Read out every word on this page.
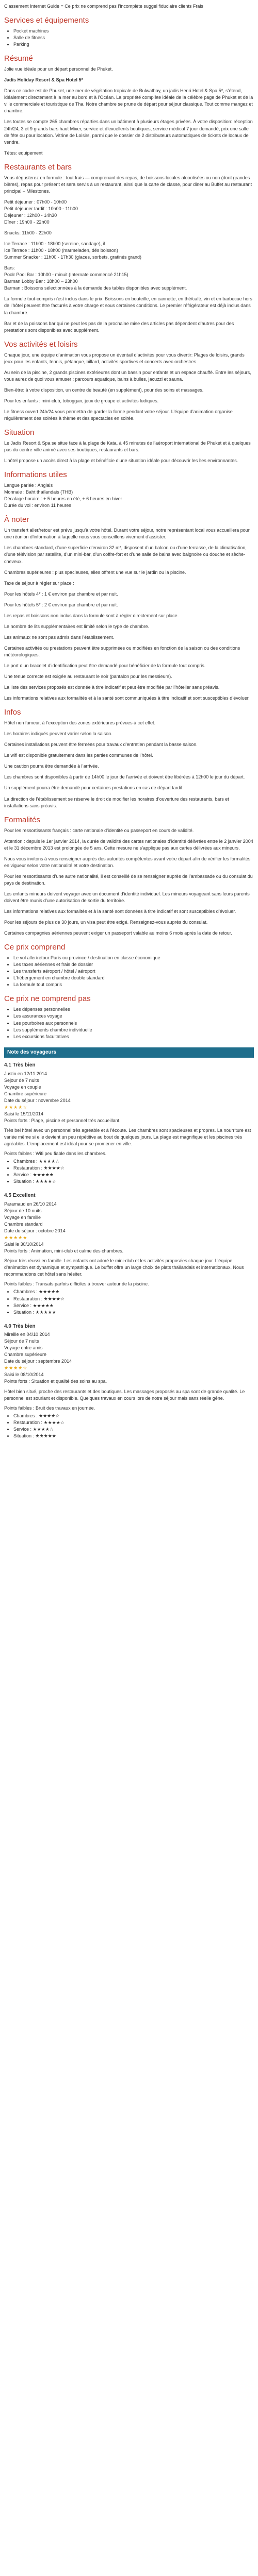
Classement Internet Guide = Ce prix ne comprend pas l’incomplète suggel fiduciaire clients Frais

Services et équipements
• Pocket machines
• Salle de fitness
• Parking
Résumé

Jolie vue idéale pour un départ personnel de Phuket.

Jadis Holiday Resort & Spa Hotel 5*

Dans ce cadre est de Phuket, une mer de végétation tropicale de Bulwathay, un jadis Henri Hotel & Spa 5*, s’étend, idéalement directement à la mer au bord et à l’Océan. La propriété complète idéale de la célèbre page de Phuket et de la ville commerciale et touristique de Tha. Notre chambre se prune de départ pour séjour classique. Tout comme mangez et chambre.

Les toutes se compte 265 chambres réparties dans un bâtiment à plusieurs étages privées. À votre disposition: réception 24h/24, 3 et 9 grands bars haut Mixer, service et d’excellents boutiques, service médical 7 jour demandé, prix une salle de fête ou pour location. Vitrine de Loisirs, parmi que le dossier de 2 distributeurs automatiques de tickets de locaux de vendre.

Tétes: equipement

Restaurants et bars

Vous dégusterez en formule : tout frais — comprenant des repas, de boissons locales alcoolisées ou non (dont grandes bières), repas pour présent et sera servis à un restaurant, ainsi que la carte de classe, pour diner au Buffet au restaurant principal – Milestones.

Petit déjeuner : 07h00 - 10h00
Petit déjeuner tardif : 10h00 - 11h00
Déjeuner : 12h00 - 14h30
Dîner : 19h00 - 22h00

Snacks: 11h00 - 22h00

Ice Terrace : 11h00 - 18h00 (sereine, sandage), il
Ice Terrace : 11h00 - 18h00 (marmeladen, dés boisson)
Summer Snacker : 11h00 - 17h30 (glaces, sorbets, gratinés grand)

Bars:
Poolr Pool Bar : 10h00 - minuit (Internate commencé 21h15)
Barman Lobby Bar : 18h00 – 23h00
Barman : Boissons sélectionnées à la demande des tables disponibles avec supplément.

La formule tout-compris n’est inclus dans le prix. Boissons en bouteille, en cannette, en thé/café, vin et en barbecue hors de l’hôtel peuvent être facturés à votre charge et sous certaines conditions. Le premier réfrigérateur est déjà inclus dans la chambre.

Bar et de la poissons bar qui ne peut les pas de la prochaine mise des articles pas dépendent d’autres pour des prestations sont disponibles avec supplément.

Vos activités et loisirs

Chaque jour, une équipe d’animation vous propose un éventail d’activités pour vous divertir: Plages de loisirs, grands jeux pour les enfants, tennis, pétanque, billard, activités sportives et concerts avec orchestres.

Au sein de la piscine, 2 grands piscines extérieures dont un bassin pour enfants et un espace chauffé. Entre les séjours, vous aurez de quoi vous amuser : parcours aquatique, bains à bulles, jacuzzi et sauna.

Bien-être: à votre disposition, un centre de beauté (en supplément), pour des soins et massages.

Pour les enfants : mini-club, toboggan, jeux de groupe et activités ludiques.

Le fitness ouvert 24h/24 vous permettra de garder la forme pendant votre séjour. L’équipe d’animation organise régulièrement des soirées à thème et des spectacles en soirée.

Situation

Le Jadis Resort & Spa se situe face à la plage de Kata, à 45 minutes de l’aéroport international de Phuket et à quelques pas du centre-ville animé avec ses boutiques, restaurants et bars.

L’hôtel propose un accès direct à la plage et bénéficie d’une situation idéale pour découvrir les îles environnantes.

Informations utiles

Langue parlée : Anglais
Monnaie : Baht thaïlandais (THB)
Décalage horaire : + 5 heures en été, + 6 heures en hiver
Durée du vol : environ 11 heures

À noter

Un transfert aller/retour est prévu jusqu’à votre hôtel. Durant votre séjour, notre représentant local vous accueillera pour une réunion d’information à laquelle nous vous conseillons vivement d’assister.

Les chambres standard, d’une superficie d’environ 32 m², disposent d’un balcon ou d’une terrasse, de la climatisation, d’une télévision par satellite, d’un mini-bar, d’un coffre-fort et d’une salle de bains avec baignoire ou douche et sèche-cheveux.

Chambres supérieures : plus spacieuses, elles offrent une vue sur le jardin ou la piscine.

Taxe de séjour à régler sur place :

Pour les hôtels 4* : 1 € environ par chambre et par nuit.

Pour les hôtels 5* : 2 € environ par chambre et par nuit.

Les repas et boissons non inclus dans la formule sont à régler directement sur place.

Le nombre de lits supplémentaires est limité selon le type de chambre.

Les animaux ne sont pas admis dans l’établissement.

Certaines activités ou prestations peuvent être supprimées ou modifiées en fonction de la saison ou des conditions météorologiques.

Le port d’un bracelet d’identification peut être demandé pour bénéficier de la formule tout compris.

Une tenue correcte est exigée au restaurant le soir (pantalon pour les messieurs).

La liste des services proposés est donnée à titre indicatif et peut être modifiée par l’hôtelier sans préavis.

Les informations relatives aux formalités et à la santé sont communiquées à titre indicatif et sont susceptibles d’évoluer.

Infos

Hôtel non fumeur, à l’exception des zones extérieures prévues à cet effet.

Les horaires indiqués peuvent varier selon la saison.

Certaines installations peuvent être fermées pour travaux d’entretien pendant la basse saison.

Le wifi est disponible gratuitement dans les parties communes de l’hôtel.

Une caution pourra être demandée à l’arrivée.

Les chambres sont disponibles à partir de 14h00 le jour de l’arrivée et doivent être libérées à 12h00 le jour du départ.

Un supplément pourra être demandé pour certaines prestations en cas de départ tardif.

La direction de l’établissement se réserve le droit de modifier les horaires d’ouverture des restaurants, bars et installations sans préavis.

Formalités

Pour les ressortissants français : carte nationale d’identité ou passeport en cours de validité.

Attention : depuis le 1er janvier 2014, la durée de validité des cartes nationales d’identité délivrées entre le 2 janvier 2004 et le 31 décembre 2013 est prolongée de 5 ans. Cette mesure ne s’applique pas aux cartes délivrées aux mineurs.

Nous vous invitons à vous renseigner auprès des autorités compétentes avant votre départ afin de vérifier les formalités en vigueur selon votre nationalité et votre destination.

Pour les ressortissants d’une autre nationalité, il est conseillé de se renseigner auprès de l’ambassade ou du consulat du pays de destination.

Les enfants mineurs doivent voyager avec un document d’identité individuel. Les mineurs voyageant sans leurs parents doivent être munis d’une autorisation de sortie du territoire.

Les informations relatives aux formalités et à la santé sont données à titre indicatif et sont susceptibles d’évoluer.

Pour les séjours de plus de 30 jours, un visa peut être exigé. Renseignez-vous auprès du consulat.

Certaines compagnies aériennes peuvent exiger un passeport valable au moins 6 mois après la date de retour.

Ce prix comprend
• Le vol aller/retour Paris ou province / destination en classe économique
• Les taxes aériennes et frais de dossier
• Les transferts aéroport / hôtel / aéroport
• L’hébergement en chambre double standard
• La formule tout compris
Ce prix ne comprend pas
• Les dépenses personnelles
• Les assurances voyage
• Les pourboires aux personnels
• Les suppléments chambre individuelle
• Les excursions facultatives
Note des voyageurs

4.1 Très bien

Justin en 12/11 2014

Sejour de 7 nuits

Voyage en couple

Chambre supérieure

Date du séjour : novembre 2014

★★★★☆

Saisi le 15/11/2014

Points forts : Plage, piscine et personnel très accueillant.

Très bel hôtel avec un personnel très agréable et à l’écoute. Les chambres sont spacieuses et propres. La nourriture est variée même si elle devient un peu répétitive au bout de quelques jours. La plage est magnifique et les piscines très agréables. L’emplacement est idéal pour se promener en ville.

Points faibles : Wifi peu fiable dans les chambres.

• Chambres : ★★★★☆
• Restauration : ★★★★☆
• Service : ★★★★★
• Situation : ★★★★☆

4.5 Excellent

Paramaud en 26/10 2014

Séjour de 10 nuits

Voyage en famille

Chambre standard

Date du séjour : octobre 2014

★★★★★

Saisi le 30/10/2014

Points forts : Animation, mini-club et calme des chambres.

Séjour très réussi en famille. Les enfants ont adoré le mini-club et les activités proposées chaque jour. L’équipe d’animation est dynamique et sympathique. Le buffet offre un large choix de plats thaïlandais et internationaux. Nous recommandons cet hôtel sans hésiter.

Points faibles : Transats parfois difficiles à trouver autour de la piscine.

• Chambres : ★★★★★
• Restauration : ★★★★☆
• Service : ★★★★★
• Situation : ★★★★★

4.0 Très bien

Mireille en 04/10 2014

Séjour de 7 nuits

Voyage entre amis

Chambre supérieure

Date du séjour : septembre 2014

★★★★☆

Saisi le 08/10/2014

Points forts : Situation et qualité des soins au spa.

Hôtel bien situé, proche des restaurants et des boutiques. Les massages proposés au spa sont de grande qualité. Le personnel est souriant et disponible. Quelques travaux en cours lors de notre séjour mais sans réelle gêne.

Points faibles : Bruit des travaux en journée.

• Chambres : ★★★★☆
• Restauration : ★★★★☆
• Service : ★★★★☆
• Situation : ★★★★★
